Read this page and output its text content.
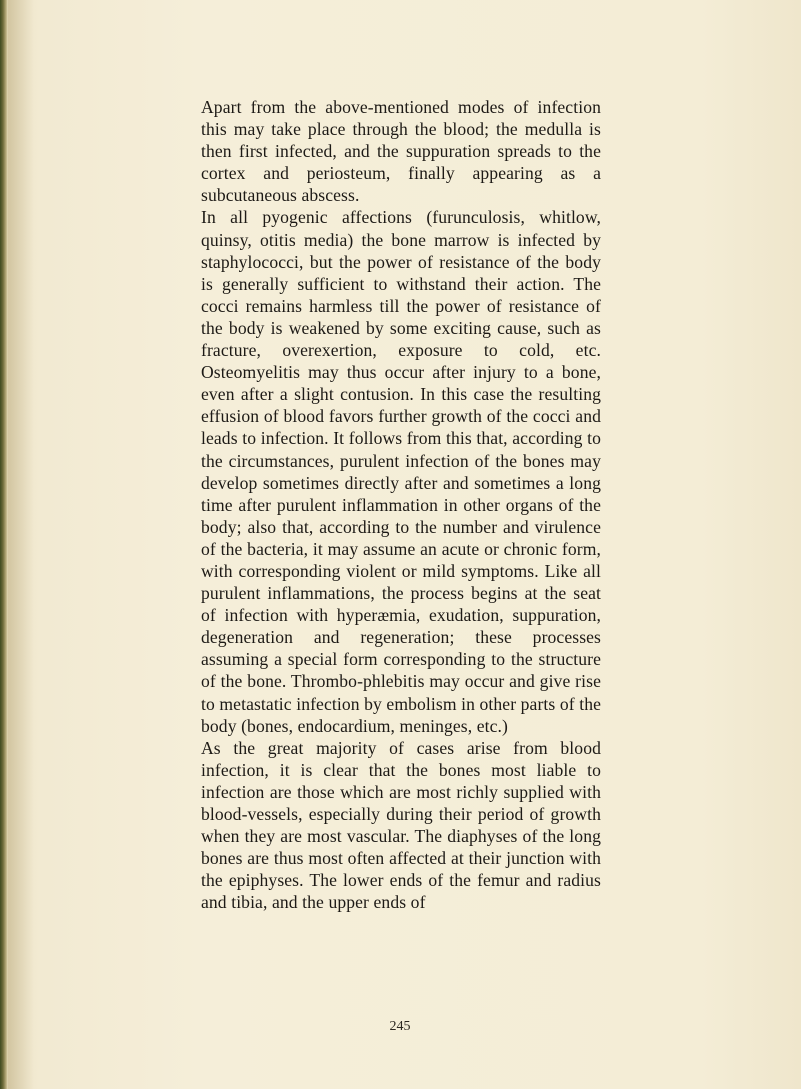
Apart from the above-mentioned modes of infection this may take place through the blood; the medulla is then first infected, and the suppuration spreads to the cortex and periosteum, finally appearing as a subcutaneous abscess.

In all pyogenic affections (furunculosis, whitlow, quinsy, otitis media) the bone marrow is infected by staphylococci, but the power of resistance of the body is generally sufficient to withstand their action. The cocci remains harmless till the power of resistance of the body is weakened by some exciting cause, such as fracture, overexertion, exposure to cold, etc. Osteomyelitis may thus occur after injury to a bone, even after a slight contusion. In this case the resulting effusion of blood favors further growth of the cocci and leads to infection. It follows from this that, according to the circumstances, purulent infection of the bones may develop sometimes directly after and sometimes a long time after purulent inflammation in other organs of the body; also that, according to the number and virulence of the bacteria, it may assume an acute or chronic form, with corresponding violent or mild symptoms. Like all purulent inflammations, the process begins at the seat of infection with hyperæmia, exudation, suppuration, degeneration and regeneration; these processes assuming a special form corresponding to the structure of the bone. Thrombo-phlebitis may occur and give rise to metastatic infection by embolism in other parts of the body (bones, endocardium, meninges, etc.)

As the great majority of cases arise from blood infection, it is clear that the bones most liable to infection are those which are most richly supplied with blood-vessels, especially during their period of growth when they are most vascular. The diaphyses of the long bones are thus most often affected at their junction with the epiphyses. The lower ends of the femur and radius and tibia, and the upper ends of

245
